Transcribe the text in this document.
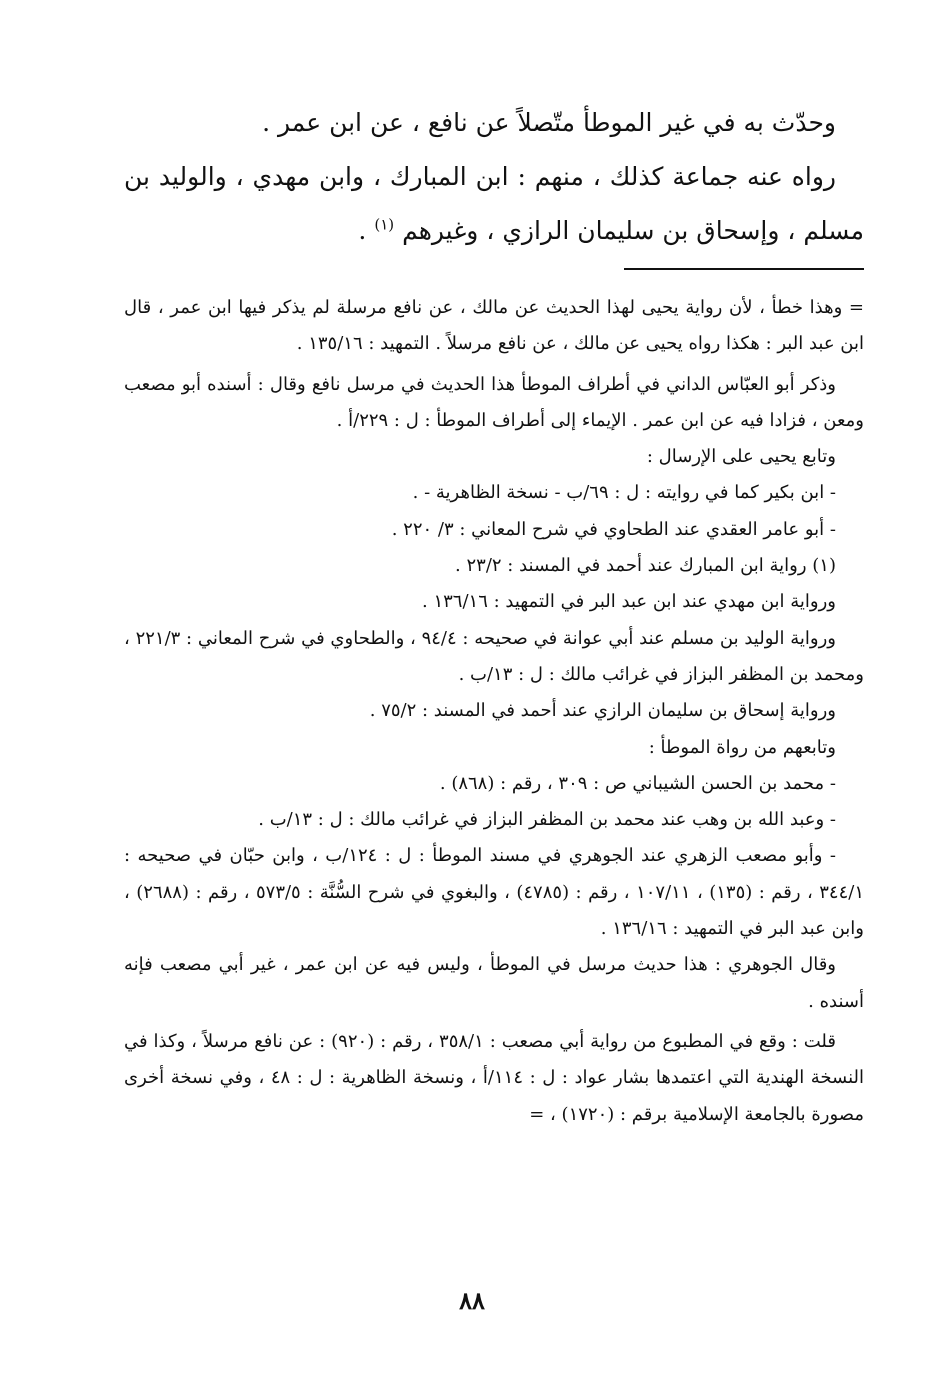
وحدّث به في غير الموطأ متّصلاً عن نافع ، عن ابن عمر .

رواه عنه جماعة كذلك ، منهم : ابن المبارك ، وابن مهدي ، والوليد بن مسلم ، وإسحاق بن سليمان الرازي ، وغيرهم $^{(١)}$ .

= وهذا خطأ ، لأن رواية يحيى لهذا الحديث عن مالك ، عن نافع مرسلة لم يذكر فيها ابن عمر ، قال ابن عبد البر : هكذا رواه يحيى عن مالك ، عن نافع مرسلاً . التمهيد : ١٣٥/١٦ .

وذكر أبو العبّاس الداني في أطراف الموطأ هذا الحديث في مرسل نافع وقال : أسنده أبو مصعب ومعن ، فزادا فيه عن ابن عمر . الإيماء إلى أطراف الموطأ : ل : ٢٢٩/أ .

وتابع يحيى على الإرسال :

- ابن بكير كما في روايته : ل : ٦٩/ب - نسخة الظاهرية - .

- أبو عامر العقدي عند الطحاوي في شرح المعاني : ٣/ ٢٢٠ .

(١) رواية ابن المبارك عند أحمد في المسند : ٢٣/٢ .

ورواية ابن مهدي عند ابن عبد البر في التمهيد : ١٣٦/١٦ .

ورواية الوليد بن مسلم عند أبي عوانة في صحيحه : ٩٤/٤ ، والطحاوي في شرح المعاني : ٢٢١/٣ ، ومحمد بن المظفر البزاز في غرائب مالك : ل : ١٣/ب .

ورواية إسحاق بن سليمان الرازي عند أحمد في المسند : ٧٥/٢ .

وتابعهم من رواة الموطأ :

- محمد بن الحسن الشيباني ص : ٣٠٩ ، رقم : (٨٦٨) .

- وعبد الله بن وهب عند محمد بن المظفر البزاز في غرائب مالك : ل : ١٣/ب .

- وأبو مصعب الزهري عند الجوهري في مسند الموطأ : ل : ١٢٤/ب ، وابن حبّان في صحيحه : ٣٤٤/١ ، رقم : (١٣٥) ، ١٠٧/١١ ، رقم : (٤٧٨٥) ، والبغوي في شرح السُّنَّة : ٥٧٣/٥ ، رقم : (٢٦٨٨) ، وابن عبد البر في التمهيد : ١٣٦/١٦ .

وقال الجوهري : هذا حديث مرسل في الموطأ ، وليس فيه عن ابن عمر ، غير أبي مصعب فإنه أسنده .

قلت : وقع في المطبوع من رواية أبي مصعب : ٣٥٨/١ ، رقم : (٩٢٠) : عن نافع مرسلاً ، وكذا في النسخة الهندية التي اعتمدها بشار عواد : ل : ١١٤/أ ، ونسخة الظاهرية : ل : ٤٨ ، وفي نسخة أخرى مصورة بالجامعة الإسلامية برقم : (١٧٢٠) ، =

٨٨
